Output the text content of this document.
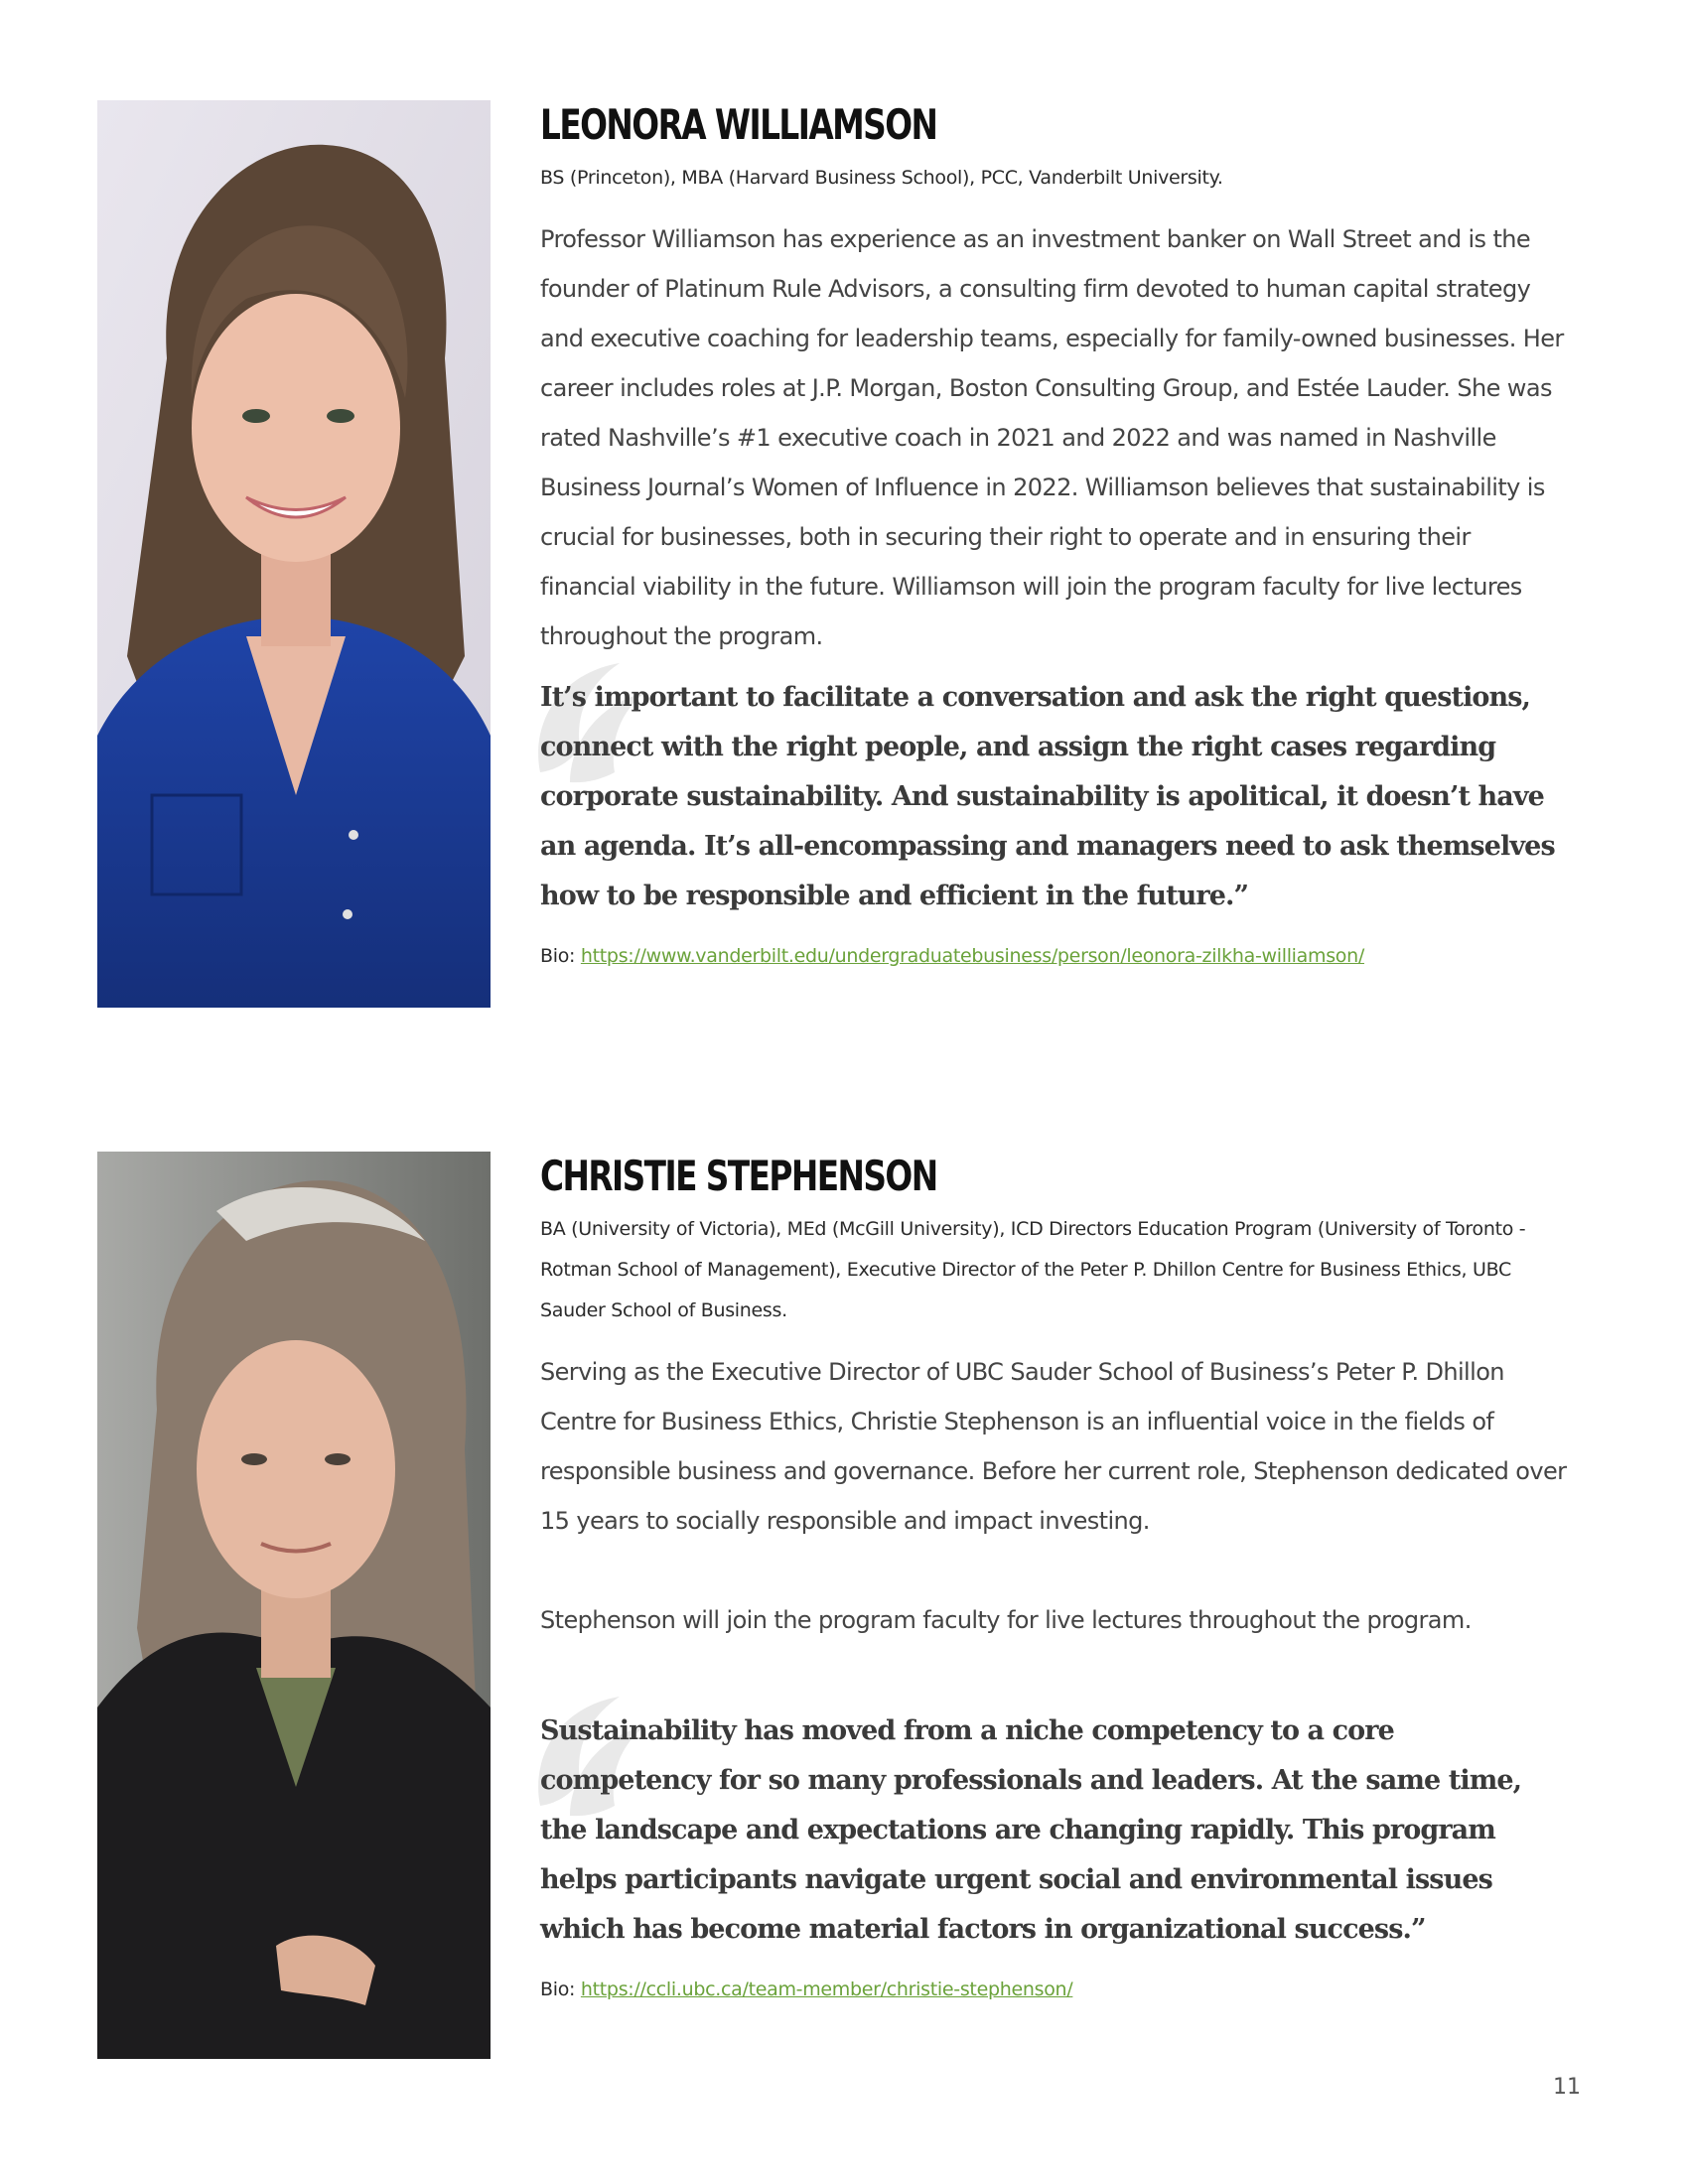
LEONORA WILLIAMSON

BS (Princeton), MBA (Harvard Business School), PCC, Vanderbilt University.

Professor Williamson has experience as an investment banker on Wall Street and is the founder of Platinum Rule Advisors, a consulting firm devoted to human capital strategy and executive coaching for leadership teams, especially for family-owned businesses. Her career includes roles at J.P. Morgan, Boston Consulting Group, and Estée Lauder. She was rated Nashville’s #1 executive coach in 2021 and 2022 and was named in Nashville Business Journal’s Women of Influence in 2022. Williamson believes that sustainability is crucial for businesses, both in securing their right to operate and in ensuring their financial viability in the future. Williamson will join the program faculty for live lectures throughout the program.

It’s important to facilitate a conversation and ask the right questions, connect with the right people, and assign the right cases regarding corporate sustainability. And sustainability is apolitical, it doesn’t have an agenda. It’s all-encompassing and managers need to ask themselves how to be responsible and efficient in the future.”

Bio: https://www.vanderbilt.edu/undergraduatebusiness/person/leonora-zilkha-williamson/
CHRISTIE STEPHENSON

BA (University of Victoria), MEd (McGill University), ICD Directors Education Program (University of Toronto - Rotman School of Management), Executive Director of the Peter P. Dhillon Centre for Business Ethics, UBC Sauder School of Business.

Serving as the Executive Director of UBC Sauder School of Business’s Peter P. Dhillon Centre for Business Ethics, Christie Stephenson is an influential voice in the fields of responsible business and governance. Before her current role, Stephenson dedicated over 15 years to socially responsible and impact investing.

Stephenson will join the program faculty for live lectures throughout the program.

Sustainability has moved from a niche competency to a core competency for so many professionals and leaders. At the same time, the landscape and expectations are changing rapidly. This program helps participants navigate urgent social and environmental issues which has become material factors in organizational success.”

Bio: https://ccli.ubc.ca/team-member/christie-stephenson/
11
